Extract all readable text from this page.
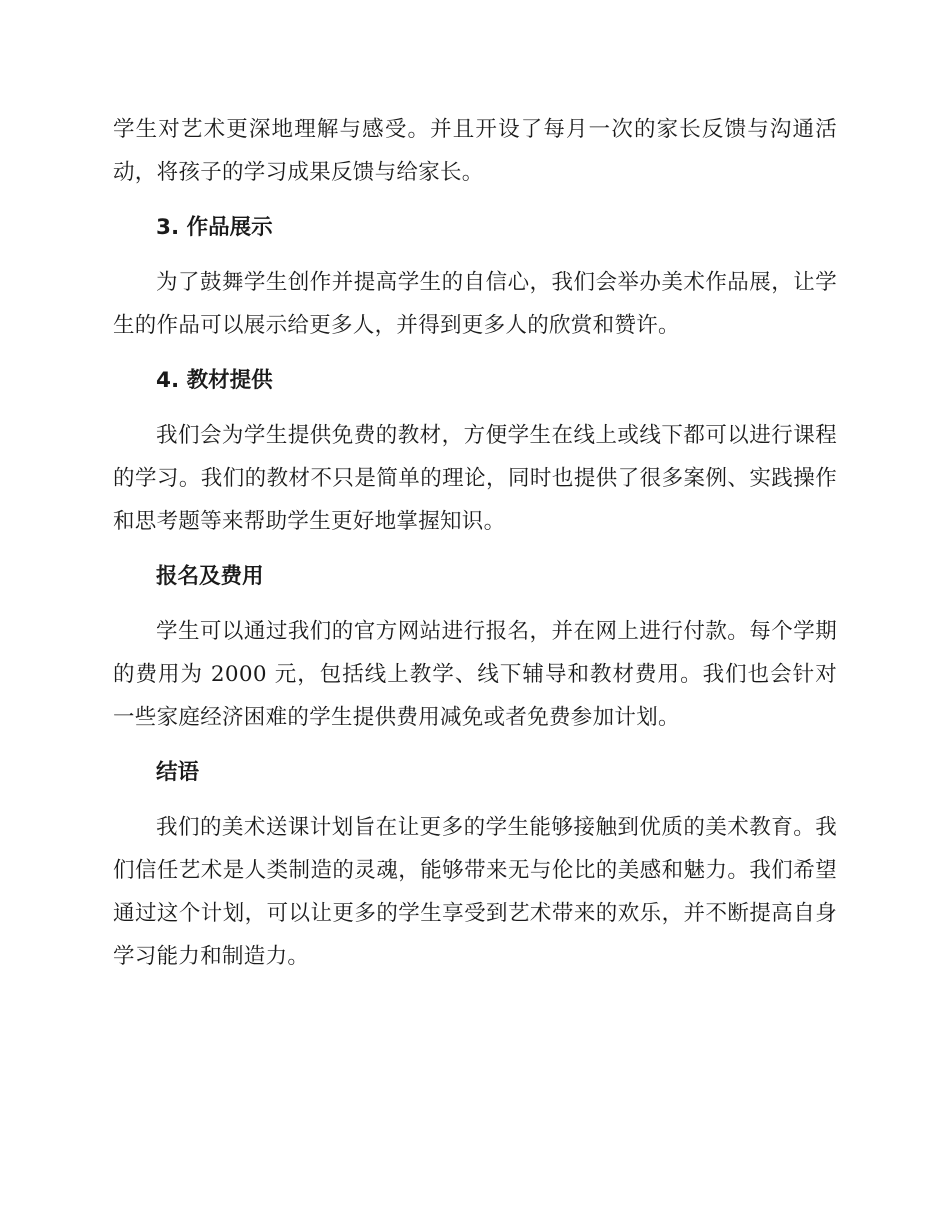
学生对艺术更深地理解与感受。并且开设了每月一次的家长反馈与沟通活动，将孩子的学习成果反馈与给家长。

3. 作品展示

为了鼓舞学生创作并提高学生的自信心，我们会举办美术作品展，让学生的作品可以展示给更多人，并得到更多人的欣赏和赞许。

4. 教材提供

我们会为学生提供免费的教材，方便学生在线上或线下都可以进行课程的学习。我们的教材不只是简单的理论，同时也提供了很多案例、实践操作和思考题等来帮助学生更好地掌握知识。

报名及费用

学生可以通过我们的官方网站进行报名，并在网上进行付款。每个学期的费用为 2000 元，包括线上教学、线下辅导和教材费用。我们也会针对一些家庭经济困难的学生提供费用减免或者免费参加计划。

结语

我们的美术送课计划旨在让更多的学生能够接触到优质的美术教育。我们信任艺术是人类制造的灵魂，能够带来无与伦比的美感和魅力。我们希望通过这个计划，可以让更多的学生享受到艺术带来的欢乐，并不断提高自身学习能力和制造力。
